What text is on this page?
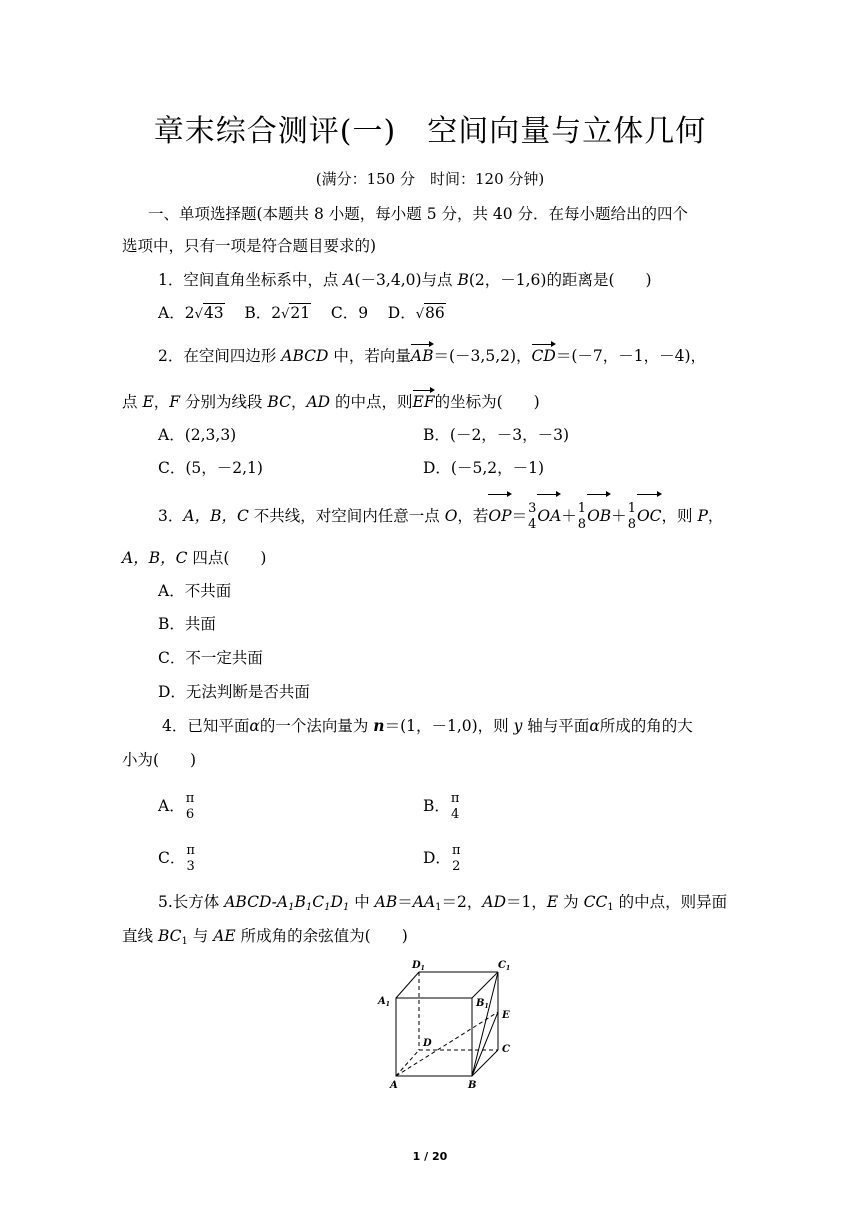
章末综合测评(一)　空间向量与立体几何
(满分：150 分　时间：120 分钟)
一、单项选择题(本题共 8 小题，每小题 5 分，共 40 分．在每小题给出的四个
选项中，只有一项是符合题目要求的)
1．空间直角坐标系中，点 A(－3,4,0)与点 B(2，－1,6)的距离是(　　)
A．2√43 B．2√21 C．9 D．√86
2．在空间四边形 ABCD 中，若向量AB＝(－3,5,2)，CD＝(－7，－1，－4)，
点 E，F 分别为线段 BC，AD 的中点，则EF的坐标为(　　)
A．(2,3,3)	B．(－2，－3，－3)
C．(5，－2,1)	D．(－5,2，－1)
3．A，B，C 不共线，对空间内任意一点 O，若OP＝ 3
4 OA＋ 1
8 OB＋ 1
8 OC，则 P，
A，B，C 四点(　　)
A．不共面
B．共面
C．不一定共面
D．无法判断是否共面
4．已知平面α的一个法向量为 n＝(1，－1,0)，则 y 轴与平面α所成的角的大
小为(　　)
A． π
6	B． π
4
C． π
3	D． π
2
5.长方体 ABCD-$A_1B_1C_1D_1$ 中 $AB=AA_1=2$，AD＝1，E 为 $CC_1$ 的中点，则异面
直线 $BC_1$ 与 AE 所成角的余弦值为(　　)
$D_1$	$C_1$
$A_1$	$B_1$
E
D
C
A	B
1 / 20
